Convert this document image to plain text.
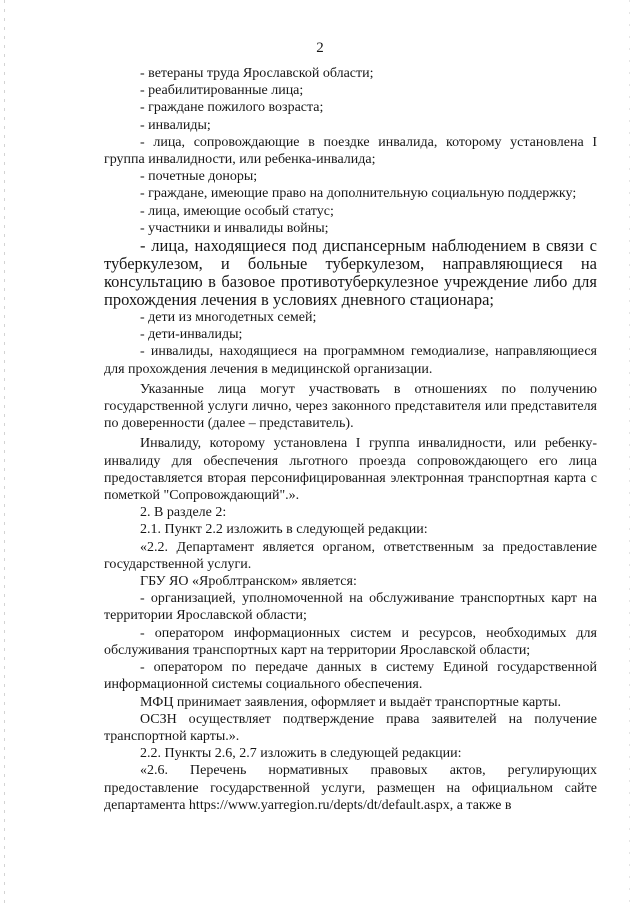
2

- ветераны труда Ярославской области;

- реабилитированные лица;

- граждане пожилого возраста;

- инвалиды;

- лица, сопровождающие в поездке инвалида, которому установлена I группа инвалидности, или ребенка-инвалида;

- почетные доноры;

- граждане, имеющие право на дополнительную социальную поддержку;

- лица, имеющие особый статус;

- участники и инвалиды войны;

- лица, находящиеся под диспансерным наблюдением в связи с туберкулезом, и больные туберкулезом, направляющиеся на консультацию в базовое противотуберкулезное учреждение либо для прохождения лечения в условиях дневного стационара;

- дети из многодетных семей;

- дети-инвалиды;

- инвалиды, находящиеся на программном гемодиализе, направляющиеся для прохождения лечения в медицинской организации.

Указанные лица могут участвовать в отношениях по получению государственной услуги лично, через законного представителя или представителя по доверенности (далее – представитель).

Инвалиду, которому установлена I группа инвалидности, или ребенку-инвалиду для обеспечения льготного проезда сопровождающего его лица предоставляется вторая персонифицированная электронная транспортная карта с пометкой "Сопровождающий".».

2. В разделе 2:

2.1. Пункт 2.2 изложить в следующей редакции:

«2.2. Департамент является органом, ответственным за предоставление государственной услуги.

ГБУ ЯО «Яроблтранском» является:

- организацией, уполномоченной на обслуживание транспортных карт на территории Ярославской области;

- оператором информационных систем и ресурсов, необходимых для обслуживания транспортных карт на территории Ярославской области;

- оператором по передаче данных в систему Единой государственной информационной системы социального обеспечения.

МФЦ принимает заявления, оформляет и выдаёт транспортные карты.

ОСЗН осуществляет подтверждение права заявителей на получение транспортной карты.».

2.2. Пункты 2.6, 2.7 изложить в следующей редакции:

«2.6. Перечень нормативных правовых актов, регулирующих предоставление государственной услуги, размещен на официальном сайте департамента https://www.yarregion.ru/depts/dt/default.aspx, а также в
